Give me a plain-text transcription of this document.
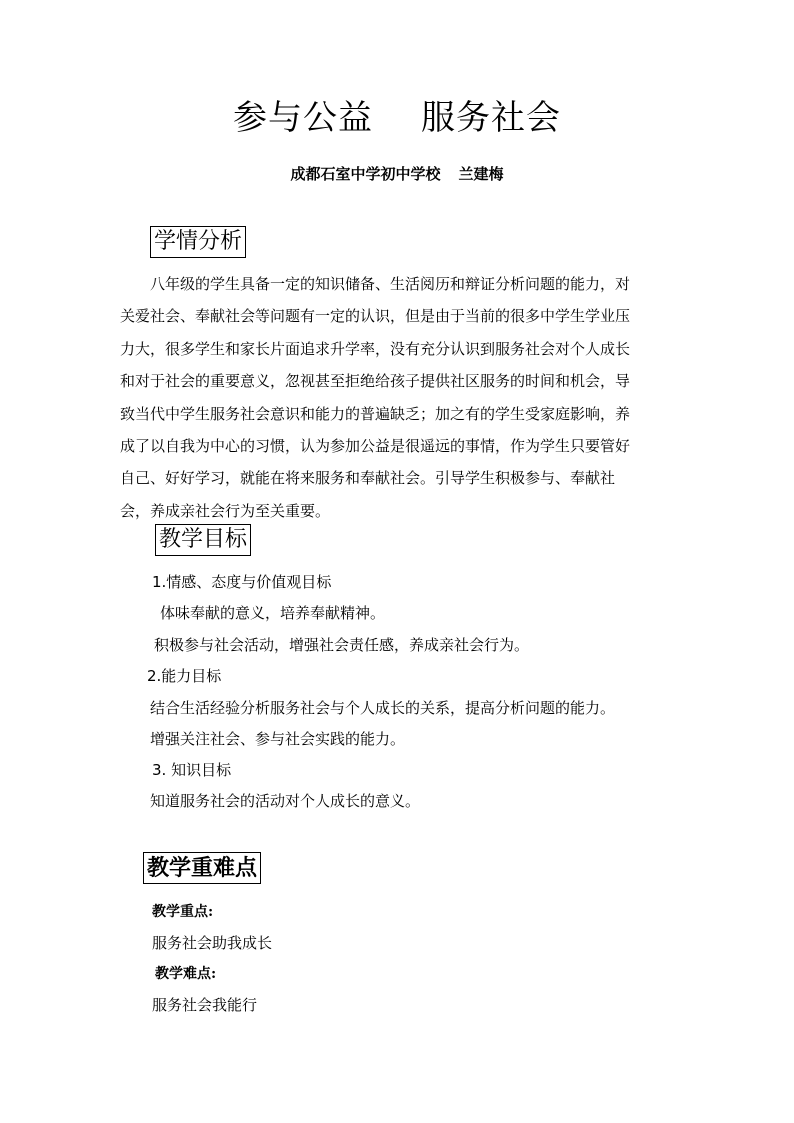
参与公益 服务社会
成都石室中学初中学校 兰建梅
学情分析
八年级的学生具备一定的知识储备、生活阅历和辩证分析问题的能力，对
关爱社会、奉献社会等问题有一定的认识，但是由于当前的很多中学生学业压
力大，很多学生和家长片面追求升学率，没有充分认识到服务社会对个人成长
和对于社会的重要意义，忽视甚至拒绝给孩子提供社区服务的时间和机会，导
致当代中学生服务社会意识和能力的普遍缺乏；加之有的学生受家庭影响，养
成了以自我为中心的习惯，认为参加公益是很遥远的事情，作为学生只要管好
自己、好好学习，就能在将来服务和奉献社会。引导学生积极参与、奉献社
会，养成亲社会行为至关重要。
教学目标
1.情感、态度与价值观目标
体味奉献的意义，培养奉献精神。
积极参与社会活动，增强社会责任感，养成亲社会行为。
2.能力目标
结合生活经验分析服务社会与个人成长的关系，提高分析问题的能力。
增强关注社会、参与社会实践的能力。
3. 知识目标
知道服务社会的活动对个人成长的意义。
教学重难点
教学重点:
服务社会助我成长
教学难点:
服务社会我能行
